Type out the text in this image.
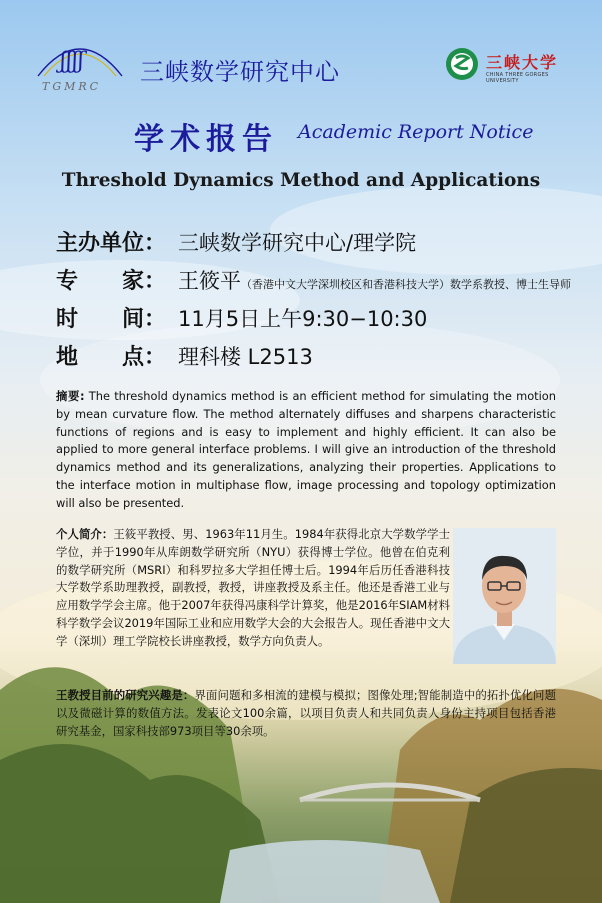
ʃʃʃʃ
TGMRC
三峡数学研究中心	三峡大学
CHINA THREE GORGES UNIVERSITY
学术报告 Academic Report Notice
Threshold Dynamics Method and Applications
主办单位： 三峡数学研究中心/理学院
专　　家： 王筱平（香港中文大学深圳校区和香港科技大学）数学系教授、博士生导师
时　　间： 11月5日上午9:30−10:30
地　　点： 理科楼 L2513
摘要: The threshold dynamics method is an efficient method for simulating the motion by mean curvature flow. The method alternately diffuses and sharpens characteristic functions of regions and is easy to implement and highly efficient. It can also be applied to more general interface problems. I will give an introduction of the threshold dynamics method and its generalizations, analyzing their properties. Applications to the interface motion in multiphase flow, image processing and topology optimization will also be presented.
个人简介：王筱平教授、男、1963年11月生。1984年获得北京大学数学学士学位，并于1990年从库朗数学研究所（NYU）获得博士学位。他曾在伯克利的数学研究所（MSRI）和科罗拉多大学担任博士后。1994年后历任香港科技大学数学系助理教授，副教授，教授，讲座教授及系主任。他还是香港工业与应用数学学会主席。他于2007年获得冯康科学计算奖，他是2016年SIAM材料科学数学会议2019年国际工业和应用数学大会的大会报告人。现任香港中文大学（深圳）理工学院校长讲座教授，数学方向负责人。
王教授目前的研究兴趣是：界面问题和多相流的建模与模拟；图像处理;智能制造中的拓扑优化问题以及微磁计算的数值方法。发表论文100余篇，以项目负责人和共同负责人身份主持项目包括香港研究基金，国家科技部973项目等30余项。
